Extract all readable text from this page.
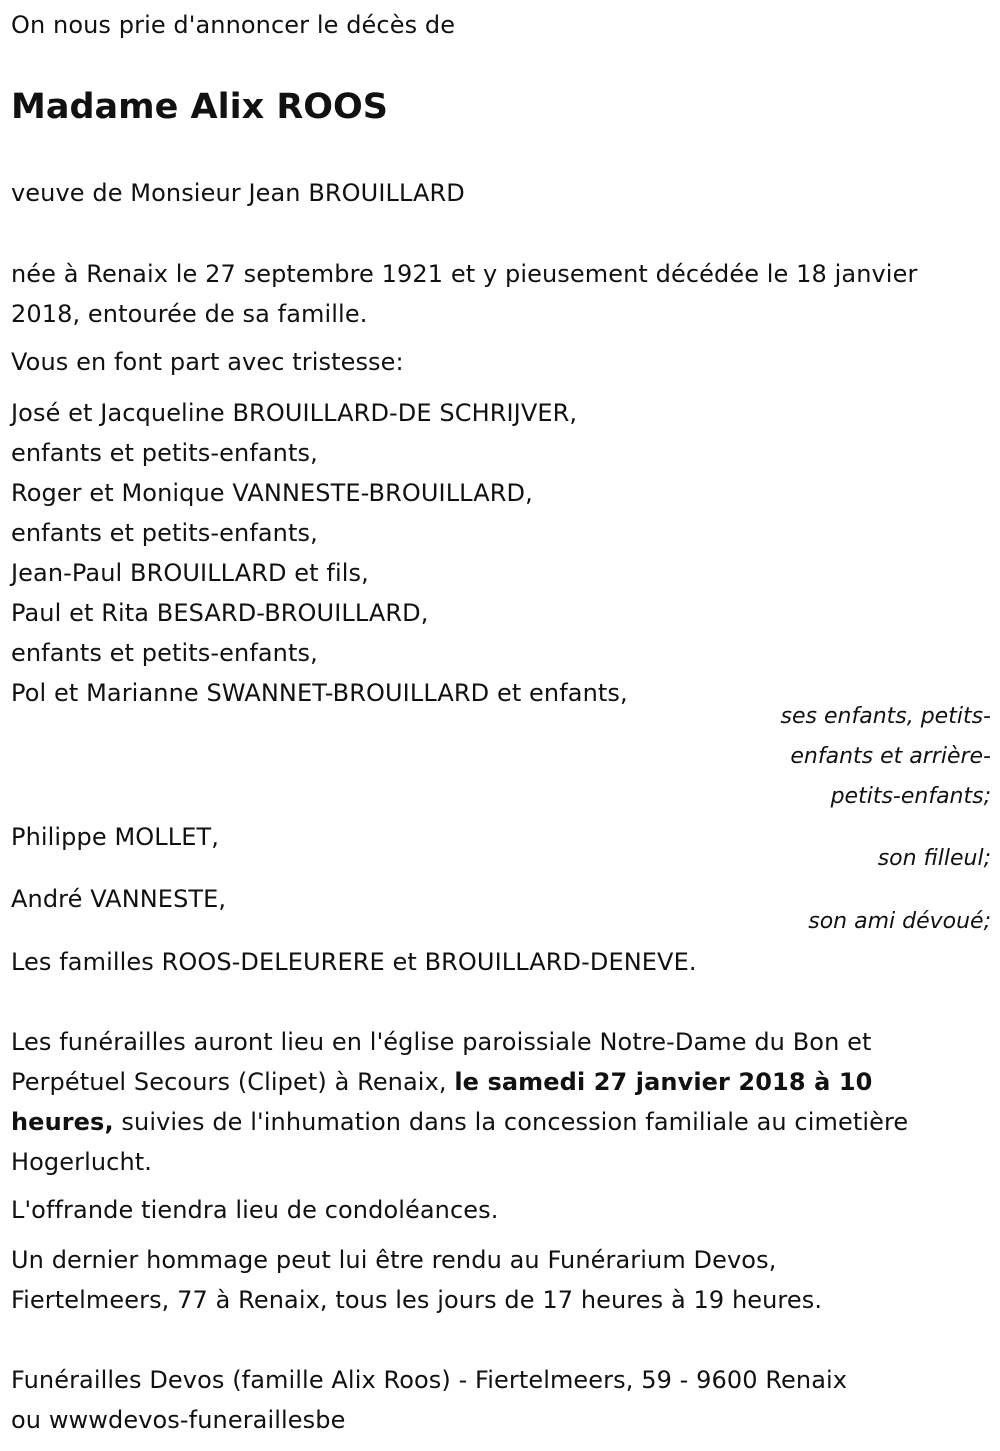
On nous prie d'annoncer le décès de
Madame Alix ROOS
veuve de Monsieur Jean BROUILLARD
née à Renaix le 27 septembre 1921 et y pieusement décédée le 18 janvier
2018, entourée de sa famille.
Vous en font part avec tristesse:
José et Jacqueline BROUILLARD-DE SCHRIJVER,
enfants et petits-enfants,
Roger et Monique VANNESTE-BROUILLARD,
enfants et petits-enfants,
Jean-Paul BROUILLARD et fils,
Paul et Rita BESARD-BROUILLARD,
enfants et petits-enfants,
Pol et Marianne SWANNET-BROUILLARD et enfants,
ses enfants, petits-
enfants et arrière-
petits-enfants;
Philippe MOLLET,
son filleul;
André VANNESTE,
son ami dévoué;
Les familles ROOS-DELEURERE et BROUILLARD-DENEVE.
Les funérailles auront lieu en l'église paroissiale Notre-Dame du Bon et
Perpétuel Secours (Clipet) à Renaix, le samedi 27 janvier 2018 à 10
heures, suivies de l'inhumation dans la concession familiale au cimetière
Hogerlucht.
L'offrande tiendra lieu de condoléances.
Un dernier hommage peut lui être rendu au Funérarium Devos,
Fiertelmeers, 77 à Renaix, tous les jours de 17 heures à 19 heures.
Funérailles Devos (famille Alix Roos) - Fiertelmeers, 59 - 9600 Renaix
ou wwwdevos-funeraillesbe
